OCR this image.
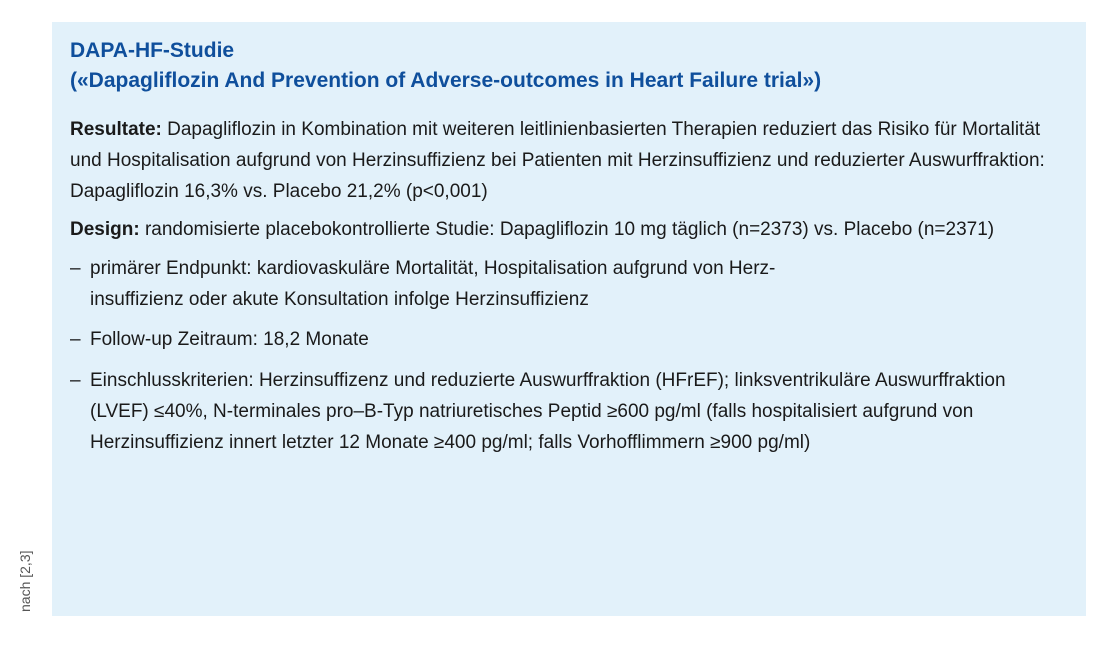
DAPA-HF-Studie
(«Dapagliflozin And Prevention of Adverse-outcomes in Heart Failure trial»)

Resultate: Dapagliflozin in Kombination mit weiteren leitlinienbasierten Therapien reduziert das Risiko für Mortalität und Hospitalisation aufgrund von Herzinsuffizienz bei Patienten mit Herzinsuffizienz und reduzierter Auswurffraktion: Dapagliflozin 16,3% vs. Placebo 21,2% (p<0,001)

Design: randomisierte placebokontrollierte Studie: Dapagliflozin 10 mg täglich (n=2373) vs. Placebo (n=2371)

– primärer Endpunkt: kardiovaskuläre Mortalität, Hospitalisation aufgrund von Herz-
insuffizienz oder akute Konsultation infolge Herzinsuffizienz
– Follow-up Zeitraum: 18,2 Monate
– Einschlusskriterien: Herzinsuffizenz und reduzierte Auswurffraktion (HFrEF); linksventrikuläre Auswurffraktion (LVEF) ≤40%, N-terminales pro–B-Typ natriuretisches Peptid ≥600 pg/ml (falls hospitalisiert aufgrund von Herzinsuffizienz innert letzter 12 Monate ≥400 pg/ml; falls Vorhofflimmern ≥900 pg/ml)
nach [2,3]
